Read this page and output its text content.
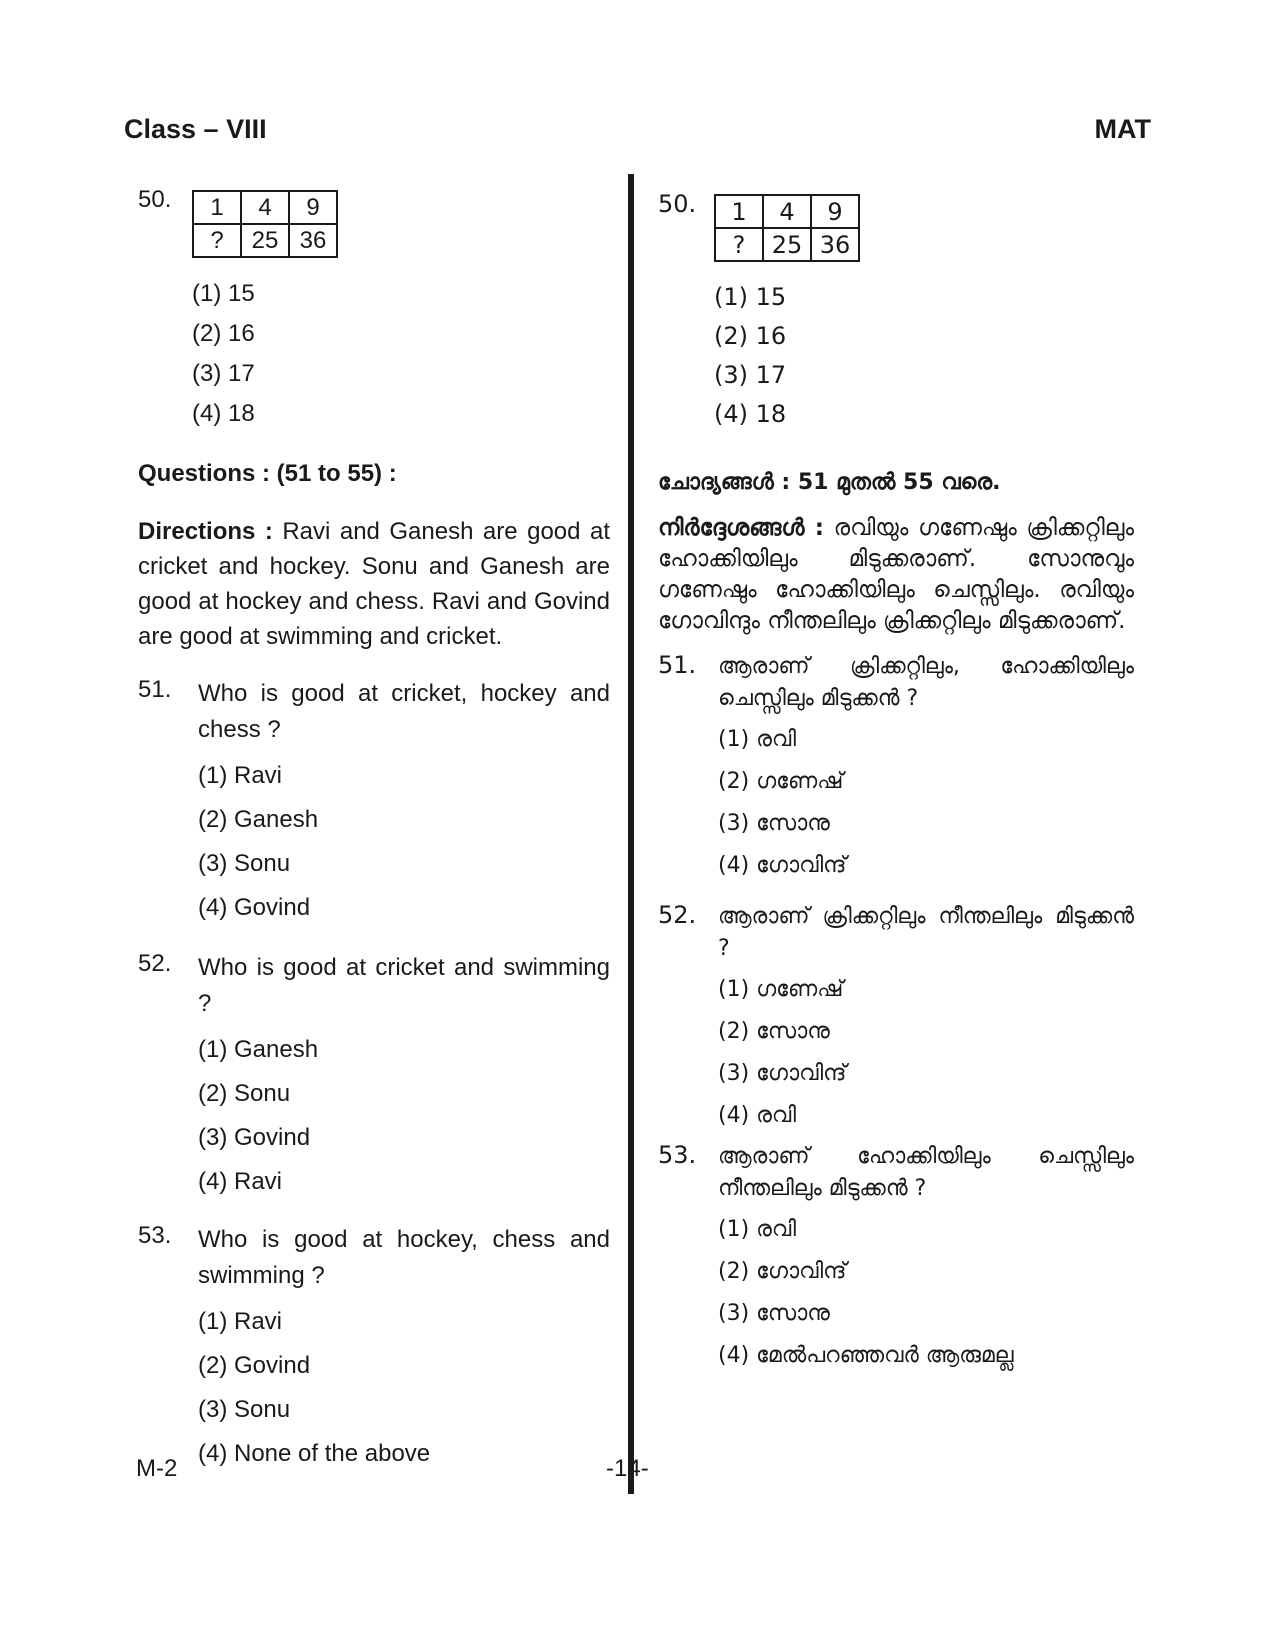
Class – VIII	MAT
50. 1	4	9
?	25	36
(1) 15
(2) 16
(3) 17
(4) 18
Questions : (51 to 55) :
Directions : Ravi and Ganesh are good at cricket and hockey. Sonu and Ganesh are good at hockey and chess. Ravi and Govind are good at swimming and cricket.
51. Who is good at cricket, hockey and chess ?
(1) Ravi
(2) Ganesh
(3) Sonu
(4) Govind
52. Who is good at cricket and swimming ?
(1) Ganesh
(2) Sonu
(3) Govind
(4) Ravi
53. Who is good at hockey, chess and swimming ?
(1) Ravi
(2) Govind
(3) Sonu
(4) None of the above
50. 1	4	9
?	25	36
(1) 15
(2) 16
(3) 17
(4) 18
ചോദ്യങ്ങൾ : 51 മുതൽ 55 വരെ.
നിർദ്ദേശങ്ങൾ : രവിയും ഗണേഷും ക്രിക്കറ്റിലും ഹോക്കിയിലും മിടുക്കരാണ്. സോനുവും ഗണേഷും ഹോക്കിയിലും ചെസ്സിലും. രവിയും ഗോവിന്ദും നീന്തലിലും ക്രിക്കറ്റിലും മിടുക്കരാണ്.
51. ആരാണ് ക്രിക്കറ്റിലും, ഹോക്കിയിലും ചെസ്സിലും മിടുക്കൻ ?
(1) രവി
(2) ഗണേഷ്
(3) സോനു
(4) ഗോവിന്ദ്
52. ആരാണ് ക്രിക്കറ്റിലും നീന്തലിലും മിടുക്കൻ ?
(1) ഗണേഷ്
(2) സോനു
(3) ഗോവിന്ദ്
(4) രവി
53. ആരാണ് ഹോക്കിയിലും ചെസ്സിലും നീന്തലിലും മിടുക്കൻ ?
(1) രവി
(2) ഗോവിന്ദ്
(3) സോനു
(4) മേൽപറഞ്ഞവർ ആരുമല്ല
M-2	-14-
